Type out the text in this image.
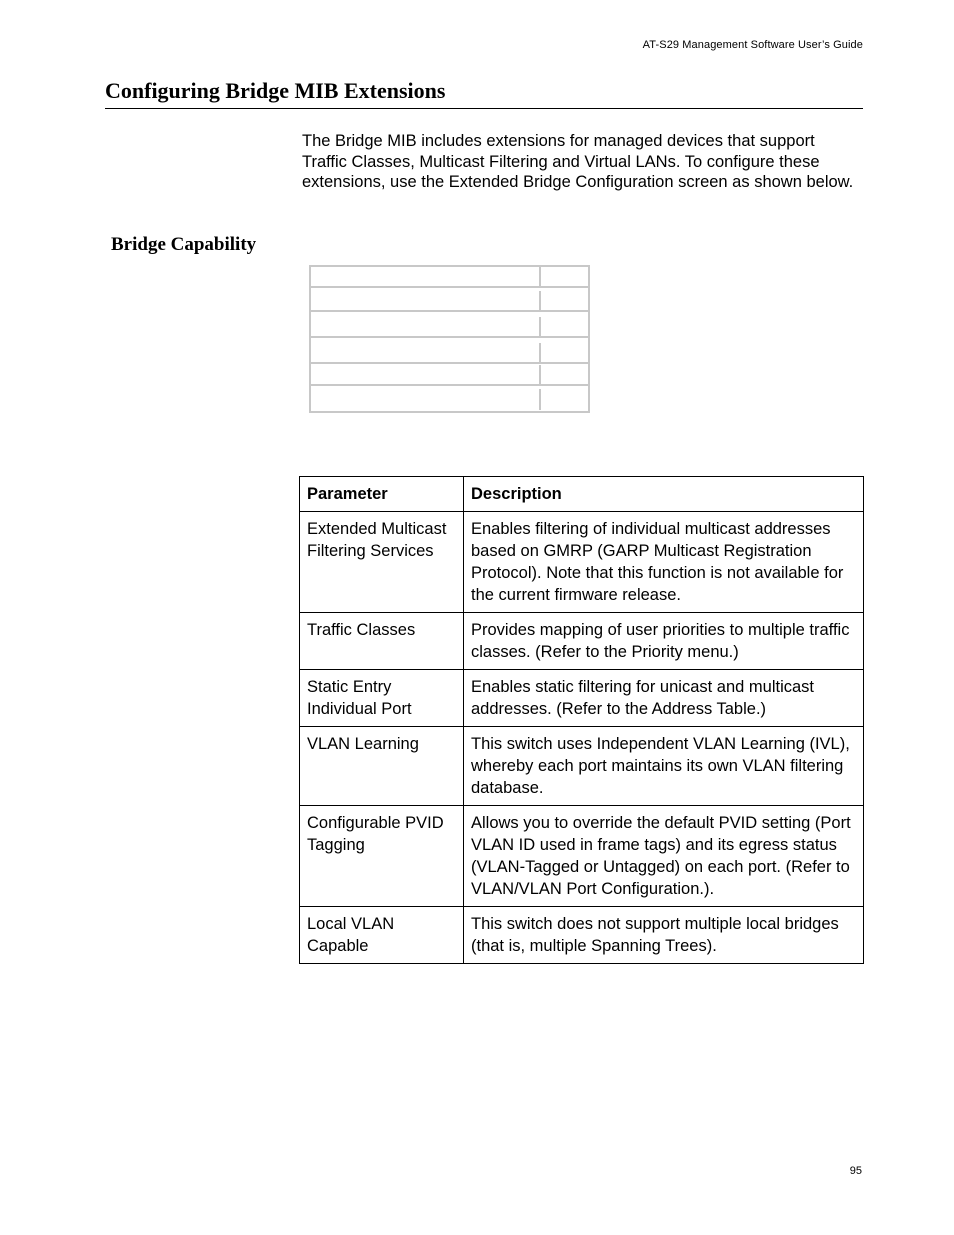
AT-S29 Management Software User’s Guide
Configuring Bridge MIB Extensions

The Bridge MIB includes extensions for managed devices that support Traffic Classes, Multicast Filtering and Virtual LANs. To configure these extensions, use the Extended Bridge Configuration screen as shown below.

Bridge Capability
Parameter	Description
Extended Multicast Filtering Services	Enables filtering of individual multicast addresses based on GMRP (GARP Multicast Registration Protocol). Note that this function is not available for the current firmware release.
Traffic Classes	Provides mapping of user priorities to multiple traffic classes. (Refer to the Priority menu.)
Static Entry Individual Port	Enables static filtering for unicast and multicast addresses. (Refer to the Address Table.)
VLAN Learning	This switch uses Independent VLAN Learning (IVL), whereby each port maintains its own VLAN filtering database.
Configurable PVID Tagging	Allows you to override the default PVID setting (Port VLAN ID used in frame tags) and its egress status (VLAN-Tagged or Untagged) on each port. (Refer to VLAN/VLAN Port Configuration.).
Local VLAN Capable	This switch does not support multiple local bridges (that is, multiple Spanning Trees).
95
